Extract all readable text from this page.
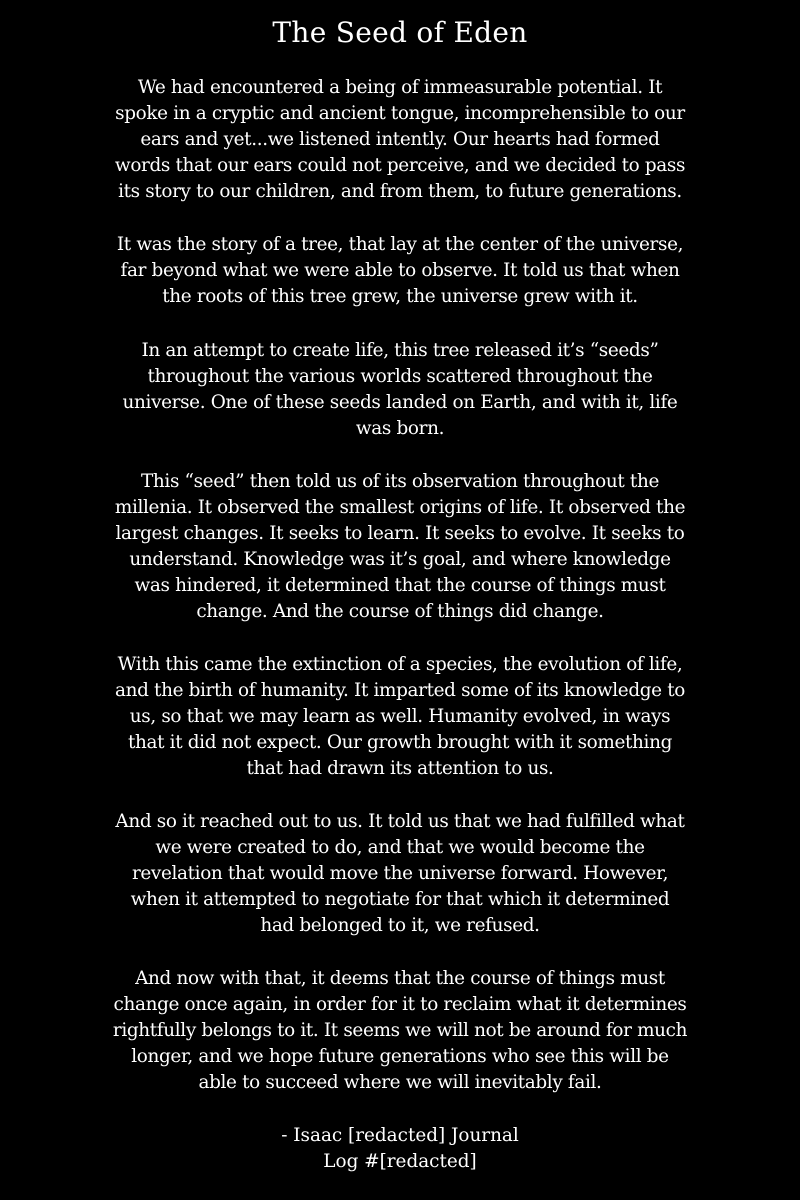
The Seed of Eden

We had encountered a being of immeasurable potential. It
spoke in a cryptic and ancient tongue, incomprehensible to our
ears and yet...we listened intently. Our hearts had formed
words that our ears could not perceive, and we decided to pass
its story to our children, and from them, to future generations.

It was the story of a tree, that lay at the center of the universe,
far beyond what we were able to observe. It told us that when
the roots of this tree grew, the universe grew with it.

In an attempt to create life, this tree released it’s “seeds”
throughout the various worlds scattered throughout the
universe. One of these seeds landed on Earth, and with it, life
was born.

This “seed” then told us of its observation throughout the
millenia. It observed the smallest origins of life. It observed the
largest changes. It seeks to learn. It seeks to evolve. It seeks to
understand. Knowledge was it’s goal, and where knowledge
was hindered, it determined that the course of things must
change. And the course of things did change.

With this came the extinction of a species, the evolution of life,
and the birth of humanity. It imparted some of its knowledge to
us, so that we may learn as well. Humanity evolved, in ways
that it did not expect. Our growth brought with it something
that had drawn its attention to us.

And so it reached out to us. It told us that we had fulfilled what
we were created to do, and that we would become the
revelation that would move the universe forward. However,
when it attempted to negotiate for that which it determined
had belonged to it, we refused.

And now with that, it deems that the course of things must
change once again, in order for it to reclaim what it determines
rightfully belongs to it. It seems we will not be around for much
longer, and we hope future generations who see this will be
able to succeed where we will inevitably fail.

- Isaac [redacted] Journal
Log #[redacted]
